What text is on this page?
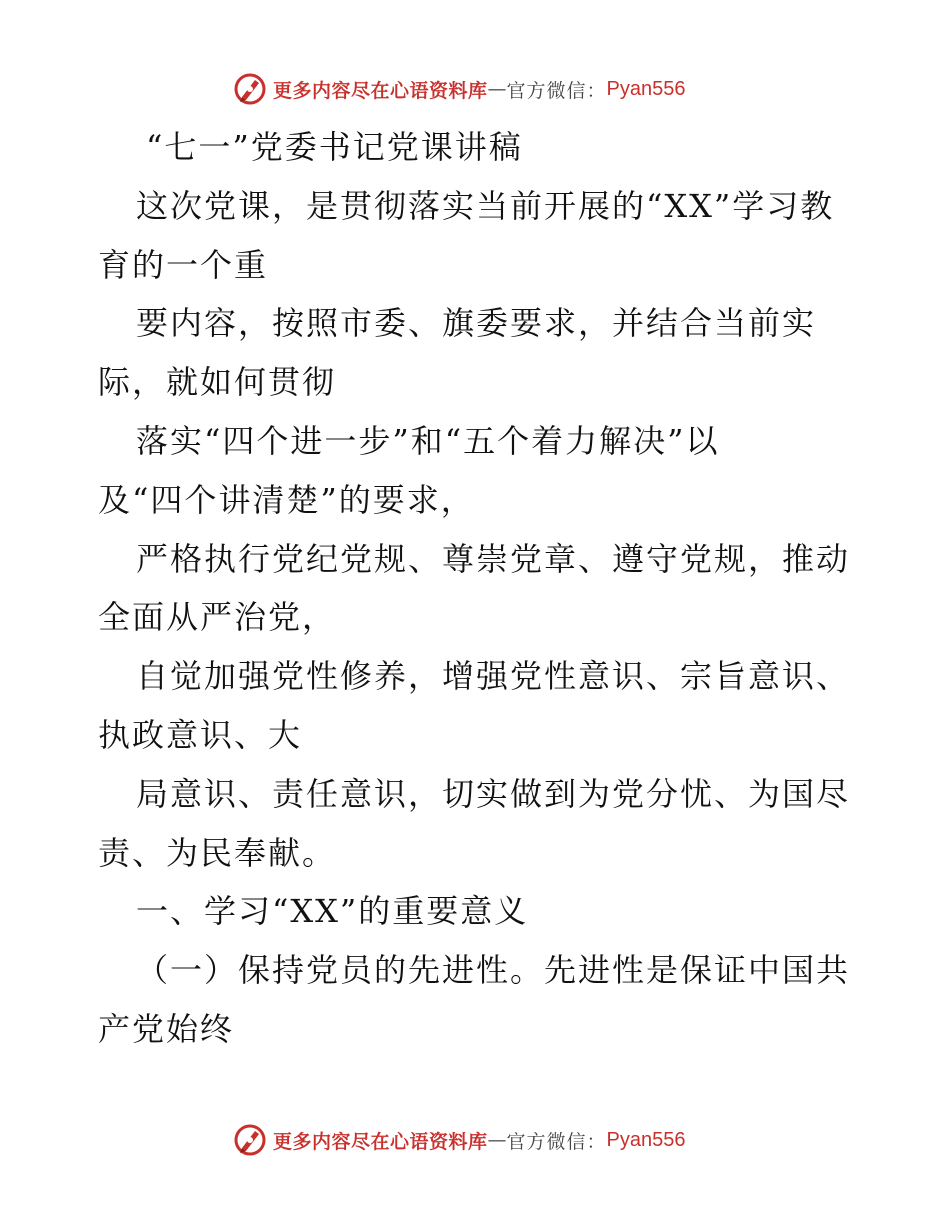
更多内容尽在心语资料库 — 官方微信： Pyan556
“七一”党委书记党课讲稿
这次党课，是贯彻落实当前开展的“XX”学习教
育的一个重
要内容，按照市委、旗委要求，并结合当前实
际，就如何贯彻
落实“四个进一步”和“五个着力解决”以
及“四个讲清楚”的要求，
严格执行党纪党规、尊崇党章、遵守党规，推动
全面从严治党，
自觉加强党性修养，增强党性意识、宗旨意识、
执政意识、大
局意识、责任意识，切实做到为党分忧、为国尽
责、为民奉献。
一、学习“XX”的重要意义
（一）保持党员的先进性。先进性是保证中国共
产党始终
更多内容尽在心语资料库 — 官方微信： Pyan556
